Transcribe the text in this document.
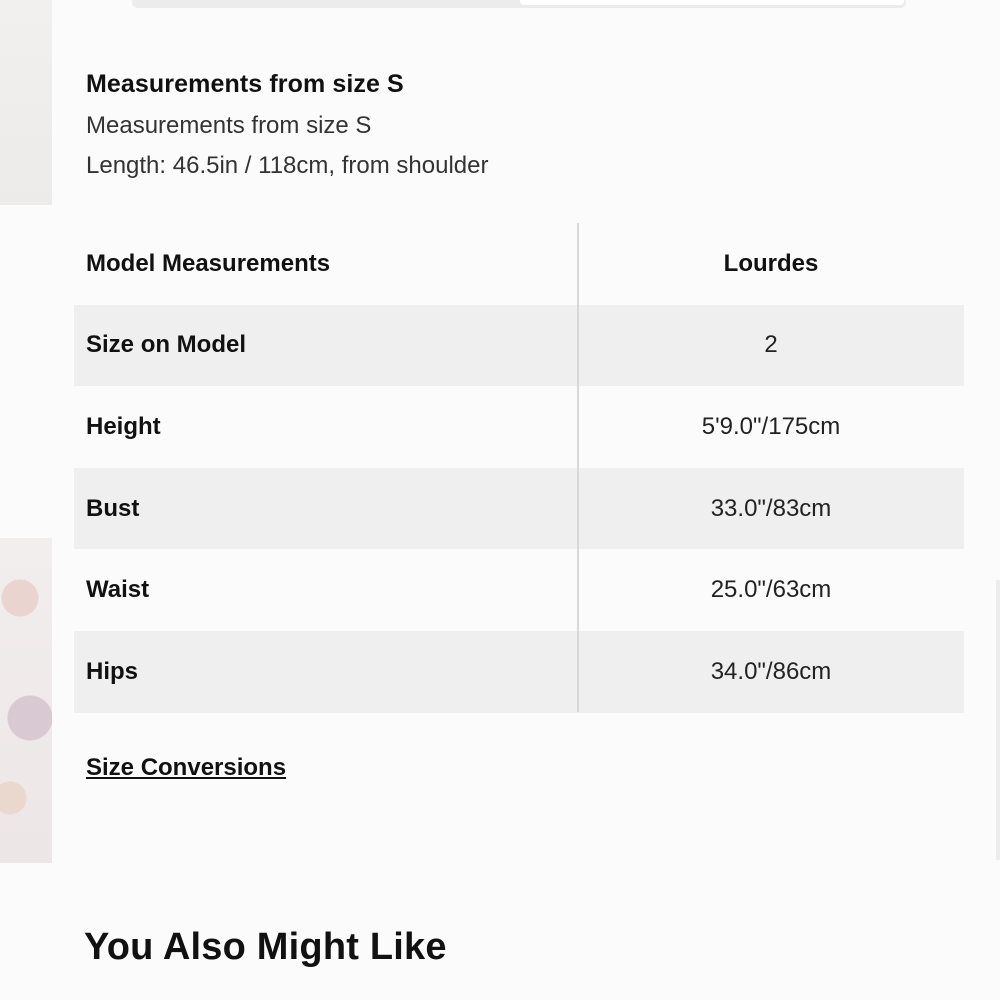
Measurements from size S
Measurements from size S
Length: 46.5in / 118cm, from shoulder
Model Measurements	Lourdes
Size on Model	2
Height	5'9.0"/175cm
Bust	33.0"/83cm
Waist	25.0"/63cm
Hips	34.0"/86cm
Size Conversions
You Also Might Like
